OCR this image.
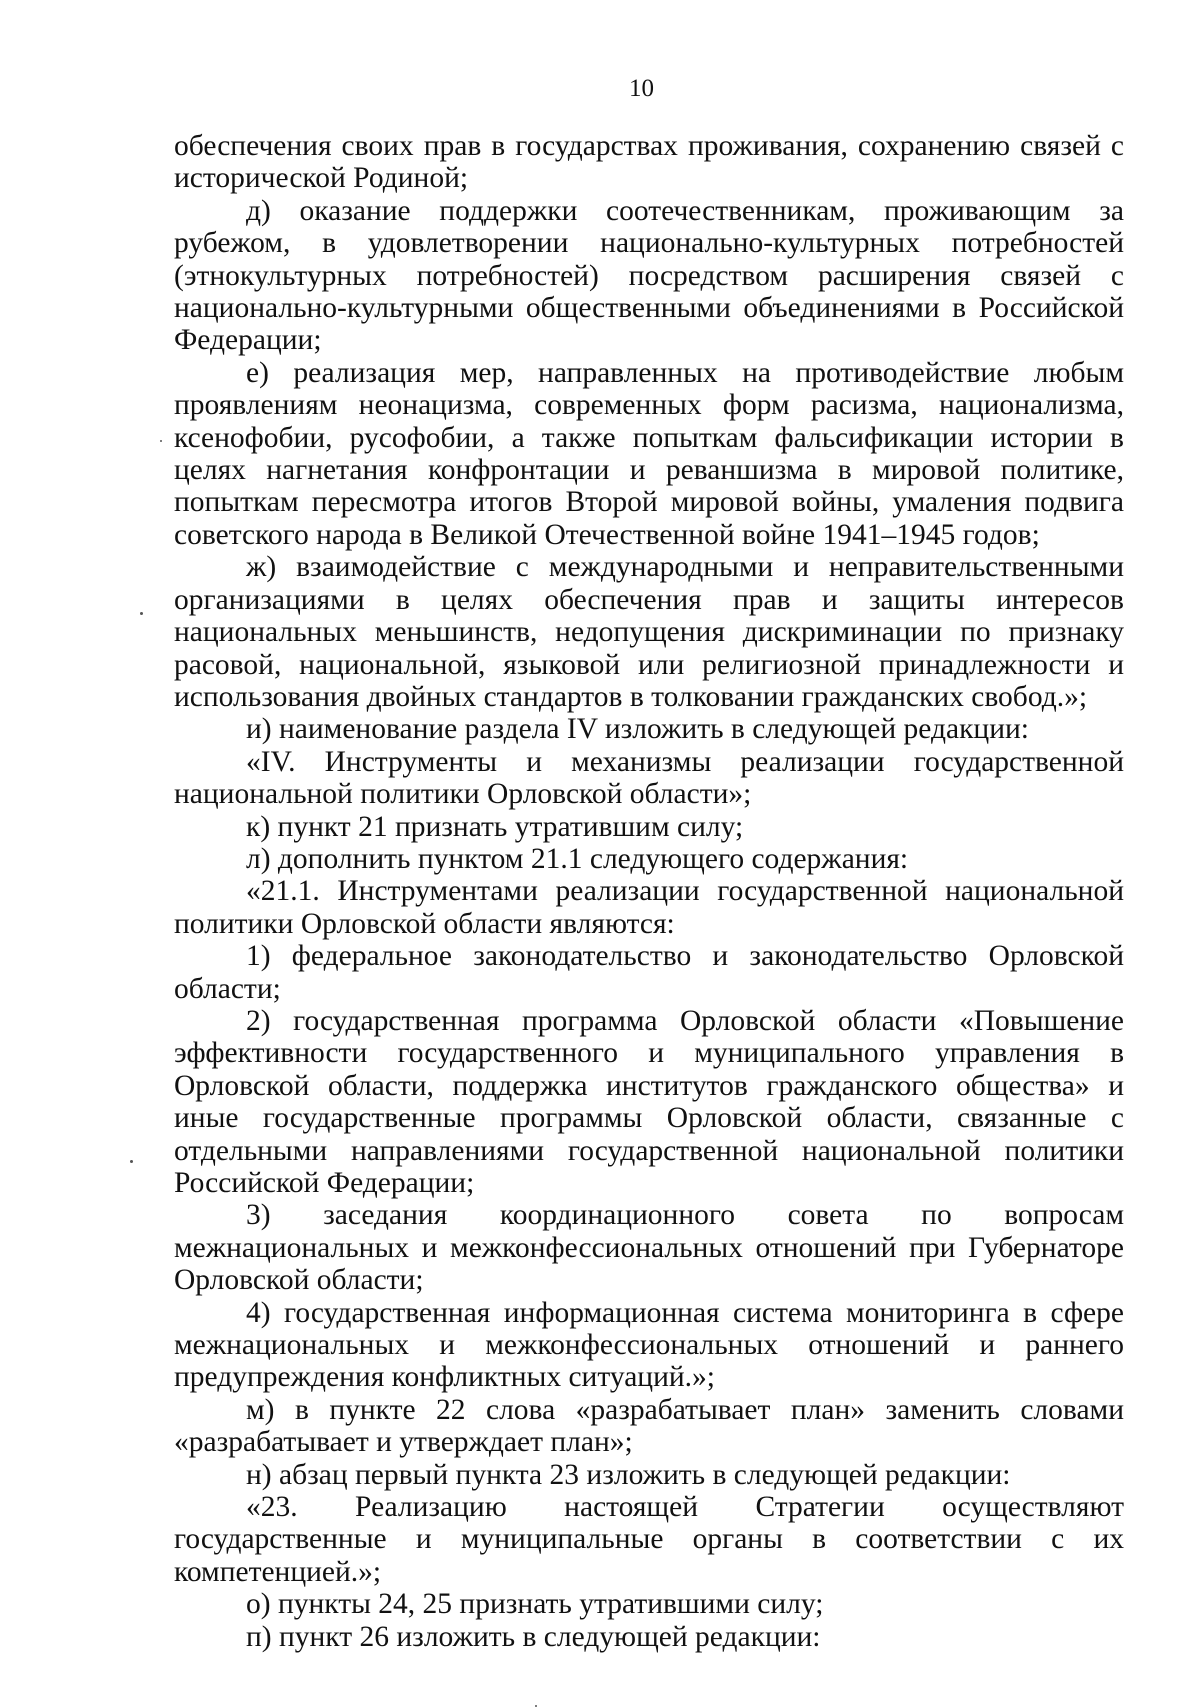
10

обеспечения своих прав в государствах проживания, сохранению связей с исторической Родиной;

д) оказание поддержки соотечественникам, проживающим за рубежом, в удовлетворении национально-культурных потребностей (этнокультурных потребностей) посредством расширения связей с национально-культурными общественными объединениями в Российской Федерации;

е) реализация мер, направленных на противодействие любым проявлениям неонацизма, современных форм расизма, национализма, ксенофобии, русофобии, а также попыткам фальсификации истории в целях нагнетания конфронтации и реваншизма в мировой политике, попыткам пересмотра итогов Второй мировой войны, умаления подвига советского народа в Великой Отечественной войне 1941–1945 годов;

ж) взаимодействие с международными и неправительственными организациями в целях обеспечения прав и защиты интересов национальных меньшинств, недопущения дискриминации по признаку расовой, национальной, языковой или религиозной принадлежности и использования двойных стандартов в толковании гражданских свобод.»;

и) наименование раздела IV изложить в следующей редакции:

«IV. Инструменты и механизмы реализации государственной национальной политики Орловской области»;

к) пункт 21 признать утратившим силу;

л) дополнить пунктом 21.1 следующего содержания:

«21.1. Инструментами реализации государственной национальной политики Орловской области являются:

1) федеральное законодательство и законодательство Орловской области;

2) государственная программа Орловской области «Повышение эффективности государственного и муниципального управления в Орловской области, поддержка институтов гражданского общества» и иные государственные программы Орловской области, связанные с отдельными направлениями государственной национальной политики Российской Федерации;

3) заседания координационного совета по вопросам межнациональных и межконфессиональных отношений при Губернаторе Орловской области;

4) государственная информационная система мониторинга в сфере межнациональных и межконфессиональных отношений и раннего предупреждения конфликтных ситуаций.»;

м) в пункте 22 слова «разрабатывает план» заменить словами «разрабатывает и утверждает план»;

н) абзац первый пункта 23 изложить в следующей редакции:

«23. Реализацию настоящей Стратегии осуществляют государственные и муниципальные органы в соответствии с их компетенцией.»;

о) пункты 24, 25 признать утратившими силу;

п) пункт 26 изложить в следующей редакции:
